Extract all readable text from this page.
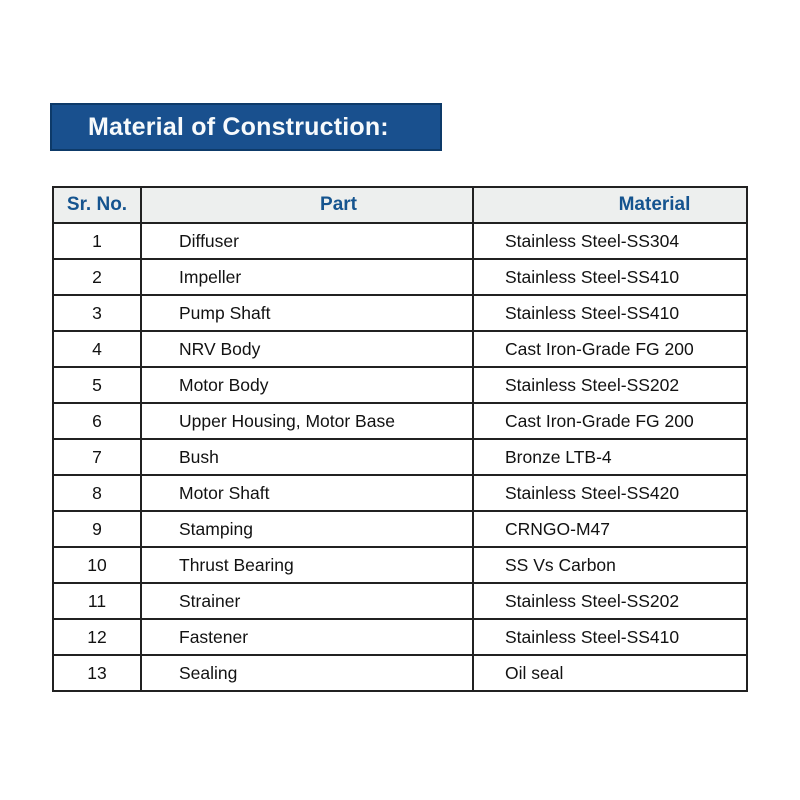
Material of Construction:
Sr. No.	Part	Material
1	Diffuser	Stainless Steel-SS304
2	Impeller	Stainless Steel-SS410
3	Pump Shaft	Stainless Steel-SS410
4	NRV Body	Cast Iron-Grade FG 200
5	Motor Body	Stainless Steel-SS202
6	Upper Housing, Motor Base	Cast Iron-Grade FG 200
7	Bush	Bronze LTB-4
8	Motor Shaft	Stainless Steel-SS420
9	Stamping	CRNGO-M47
10	Thrust Bearing	SS Vs Carbon
11	Strainer	Stainless Steel-SS202
12	Fastener	Stainless Steel-SS410
13	Sealing	Oil seal
